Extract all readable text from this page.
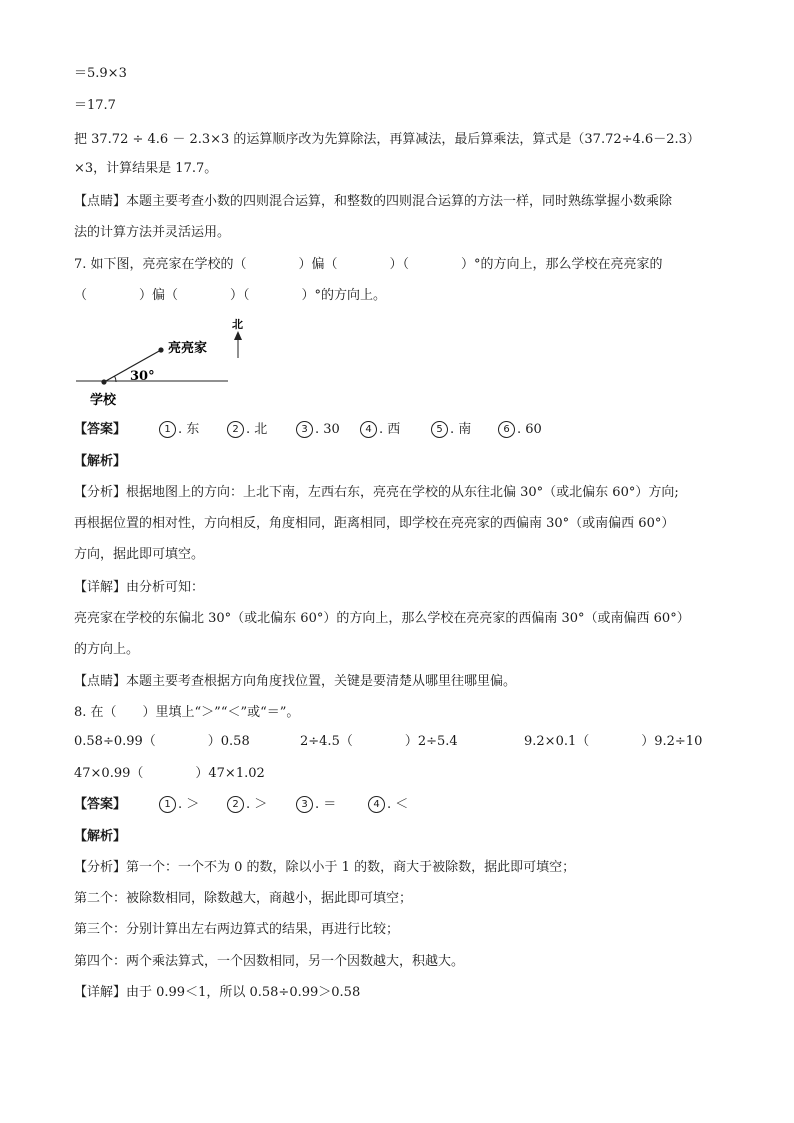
＝5.9×3
＝17.7
把 37.72 ÷ 4.6 － 2.3×3 的运算顺序改为先算除法，再算减法，最后算乘法，算式是（37.72÷4.6－2.3）
×3，计算结果是 17.7。
【点睛】本题主要考查小数的四则混合运算，和整数的四则混合运算的方法一样，同时熟练掌握小数乘除
法的计算方法并灵活运用。
7. 如下图，亮亮家在学校的（　　　　）偏（　　　　）（　　　　）°的方向上，那么学校在亮亮家的
（　　　　）偏（　　　　）（　　　　）°的方向上。
北
亮亮家
学校
30°
【答案】	1 . 东	2 . 北	3 . 30	4 . 西	5 . 南	6 . 60
【解析】
【分析】根据地图上的方向：上北下南，左西右东，亮亮在学校的从东往北偏 30°（或北偏东 60°）方向;
再根据位置的相对性，方向相反，角度相同，距离相同，即学校在亮亮家的西偏南 30°（或南偏西 60°）
方向，据此即可填空。
【详解】由分析可知：
亮亮家在学校的东偏北 30°（或北偏东 60°）的方向上，那么学校在亮亮家的西偏南 30°（或南偏西 60°）
的方向上。
【点睛】本题主要考查根据方向角度找位置，关键是要清楚从哪里往哪里偏。
8. 在（　　）里填上“＞”“＜”或“＝”。
0.58÷0.99（　　　　）0.58	2÷4.5（　　　　）2÷5.4	9.2×0.1（　　　　）9.2÷10
47×0.99（　　　　）47×1.02
【答案】	1 . ＞	2 . ＞	3 . ＝	4 . ＜
【解析】
【分析】第一个：一个不为 0 的数，除以小于 1 的数，商大于被除数，据此即可填空；
第二个：被除数相同，除数越大，商越小，据此即可填空；
第三个：分别计算出左右两边算式的结果，再进行比较；
第四个：两个乘法算式，一个因数相同，另一个因数越大，积越大。
【详解】由于 0.99＜1，所以 0.58÷0.99＞0.58
